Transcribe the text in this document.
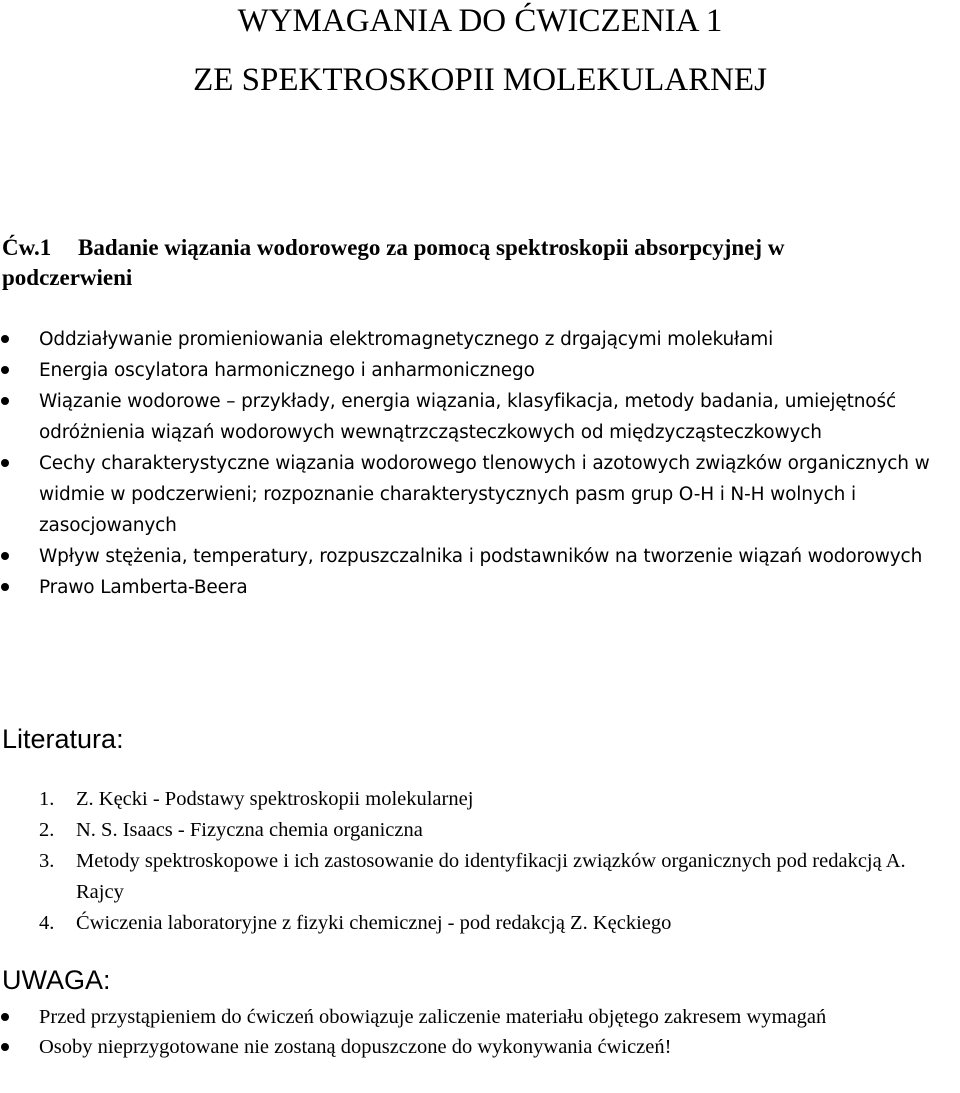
WYMAGANIA DO ĆWICZENIA 1
ZE SPEKTROSKOPII MOLEKULARNEJ
Ćw.1 Badanie wiązania wodorowego za pomocą spektroskopii absorpcyjnej w podczerwieni
Oddziaływanie promieniowania elektromagnetycznego z drgającymi molekułami
Energia oscylatora harmonicznego i anharmonicznego
Wiązanie wodorowe – przykłady, energia wiązania, klasyfikacja, metody badania, umiejętność odróżnienia wiązań wodorowych wewnątrzcząsteczkowych od międzycząsteczkowych
Cechy charakterystyczne wiązania wodorowego tlenowych i azotowych związków organicznych w widmie w podczerwieni; rozpoznanie charakterystycznych pasm grup O-H i N-H wolnych i zasocjowanych
Wpływ stężenia, temperatury, rozpuszczalnika i podstawników na tworzenie wiązań wodorowych
Prawo Lamberta-Beera
Literatura:
1. Z. Kęcki - Podstawy spektroskopii molekularnej
2. N. S. Isaacs - Fizyczna chemia organiczna
3. Metody spektroskopowe i ich zastosowanie do identyfikacji związków organicznych pod redakcją A. Rajcy
4. Ćwiczenia laboratoryjne z fizyki chemicznej - pod redakcją Z. Kęckiego
UWAGA:
Przed przystąpieniem do ćwiczeń obowiązuje zaliczenie materiału objętego zakresem wymagań
Osoby nieprzygotowane nie zostaną dopuszczone do wykonywania ćwiczeń!
